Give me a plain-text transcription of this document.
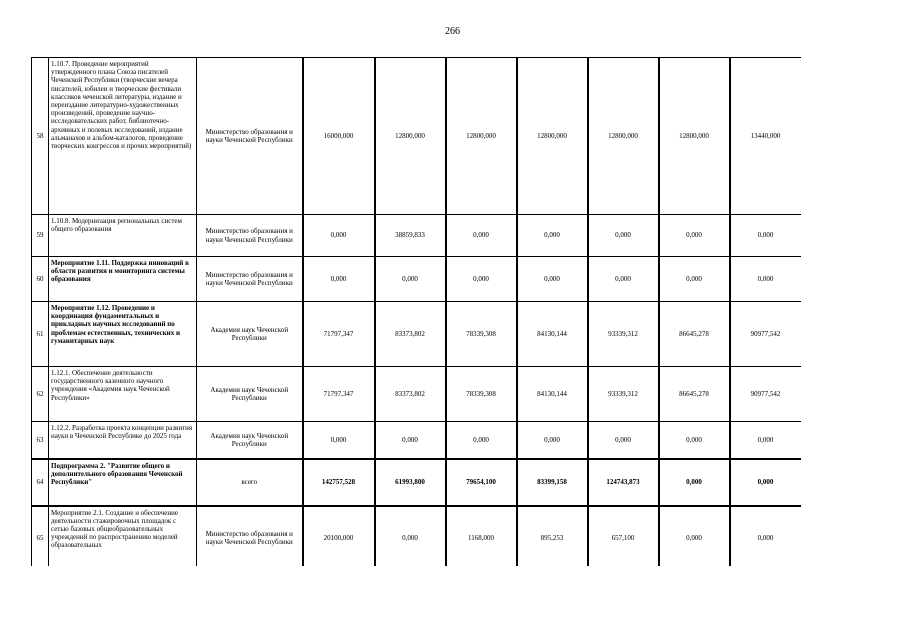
266
58	1.10.7. Проведение мероприятий утвержденного плана Союза писателей Чеченской Республики (творческие вечера писателей, юбилеи и творческие фестивали классиков чеченской литературы, издание и переиздание литературно-художественных произведений, проведение научно-исследовательских работ, библиотечно-архивных и полевых исследований, издание альманахов и альбом-каталогов, проведение творческих конгрессов и прочих мероприятий)	Министерство образования и науки Чеченской Республики	16000,000	12800,000	12800,000	12800,000	12800,000	12800,000	13440,000
59	1.10.8. Модернизация региональных систем общего образования	Министерство образования и науки Чеченской Республики	0,000	38859,833	0,000	0,000	0,000	0,000	0,000
60	Мероприятие 1.11. Поддержка инноваций в области развития и мониторинга системы образования	Министерство образования и науки Чеченской Республики	0,000	0,000	0,000	0,000	0,000	0,000	0,000
61	Мероприятие 1.12. Проведение и координация фундаментальных и прикладных научных исследований по проблемам естественных, технических и гуманитарных наук	Академия наук Чеченской Республики	71797,347	83373,802	78339,308	84130,144	93339,312	86645,278	90977,542
62	1.12.1. Обеспечение деятельности государственного казенного научного учреждения «Академия наук Чеченской Республики»	Академия наук Чеченской Республики	71797,347	83373,802	78339,308	84130,144	93339,312	86645,278	90977,542
63	1.12.2. Разработка проекта концепции развития науки в Чеченской Республике до 2025 года	Академия наук Чеченской Республики	0,000	0,000	0,000	0,000	0,000	0,000	0,000
64	Подпрограмма 2. "Развитие общего и дополнительного образования Чеченской Республики"	всего	142757,528	61993,800	79654,100	83399,158	124743,873	0,000	0,000
65	Мероприятие 2.1. Создание и обеспечение деятельности стажировочных площадок с сетью базовых общеобразовательных учреждений по распространению моделей образовательных	Министерство образования и науки Чеченской Республики	20100,000	0,000	1168,000	895,253	657,100	0,000	0,000
